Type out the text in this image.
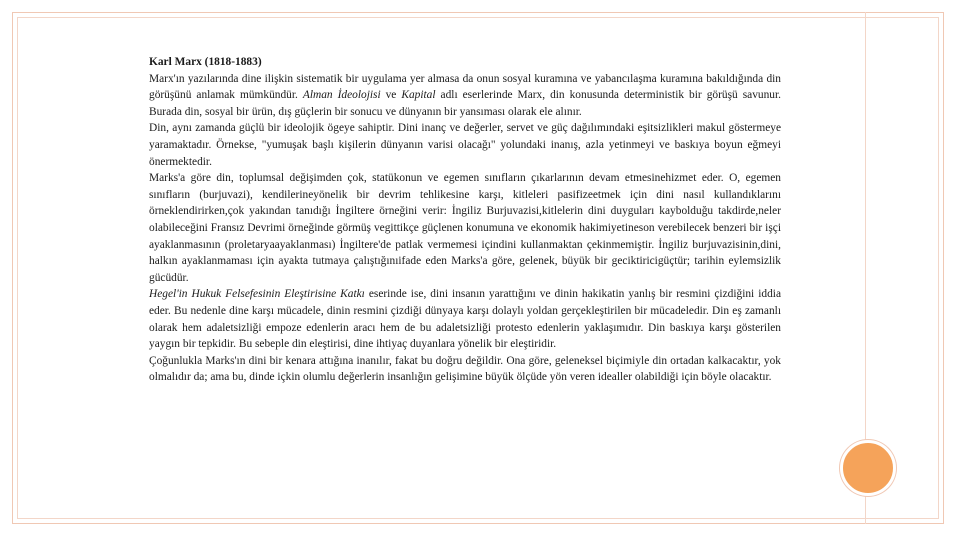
Karl Marx (1818-1883)
Marx'ın yazılarında dine ilişkin sistematik bir uygulama yer almasa da onun sosyal kuramına ve yabancılaşma kuramına bakıldığında din görüşünü anlamak mümkündür. Alman İdeolojisi ve Kapital adlı eserlerinde Marx, din konusunda deterministik bir görüşü savunur. Burada din, sosyal bir ürün, dış güçlerin bir sonucu ve dünyanın bir yansıması olarak ele alınır.
Din, aynı zamanda güçlü bir ideolojik ögeye sahiptir. Dini inanç ve değerler, servet ve güç dağılımındaki eşitsizlikleri makul göstermeye yaramaktadır. Örnekse, "yumuşak başlı kişilerin dünyanın varisi olacağı" yolundaki inanış, azla yetinmeyi ve baskıya boyun eğmeyi önermektedir.
Marks'a göre din, toplumsal değişimden çok, statükonun ve egemen sınıfların çıkarlarının devam etmesinehizmet eder. O, egemen sınıfların (burjuvazi), kendilerineyönelik bir devrim tehlikesine karşı, kitleleri pasifizeetmek için dini nasıl kullandıklarını örneklendirirken,çok yakından tanıdığı İngiltere örneğini verir: İngiliz Burjuvazisi,kitlelerin dini duyguları kaybolduğu takdirde,neler olabileceğini Fransız Devrimi örneğinde görmüş vegittikçe güçlenen konumuna ve ekonomik hakimiyetineson verebilecek benzeri bir işçi ayaklanmasının (proletaryaayaklanması) İngiltere'de patlak vermemesi içindini kullanmaktan çekinmemiştir. İngiliz burjuvazisinin,dini, halkın ayaklanmaması için ayakta tutmaya çalıştığınıifade eden Marks'a göre, gelenek, büyük bir geciktiricigüçtür; tarihin eylemsizlik gücüdür.
Hegel'in Hukuk Felsefesinin Eleştirisine Katkı eserinde ise, dini insanın yarattığını ve dinin hakikatin yanlış bir resmini çizdiğini iddia eder. Bu nedenle dine karşı mücadele, dinin resmini çizdiği dünyaya karşı dolaylı yoldan gerçekleştirilen bir mücadeledir. Din eş zamanlı olarak hem adaletsizliği empoze edenlerin aracı hem de bu adaletsizliği protesto edenlerin yaklaşımıdır. Din baskıya karşı gösterilen yaygın bir tepkidir. Bu sebeple din eleştirisi, dine ihtiyaç duyanlara yönelik bir eleştiridir.
Çoğunlukla Marks'ın dini bir kenara attığına inanılır, fakat bu doğru değildir. Ona göre, geleneksel biçimiyle din ortadan kalkacaktır, yok olmalıdır da; ama bu, dinde içkin olumlu değerlerin insanlığın gelişimine büyük ölçüde yön veren idealler olabildiği için böyle olacaktır.
